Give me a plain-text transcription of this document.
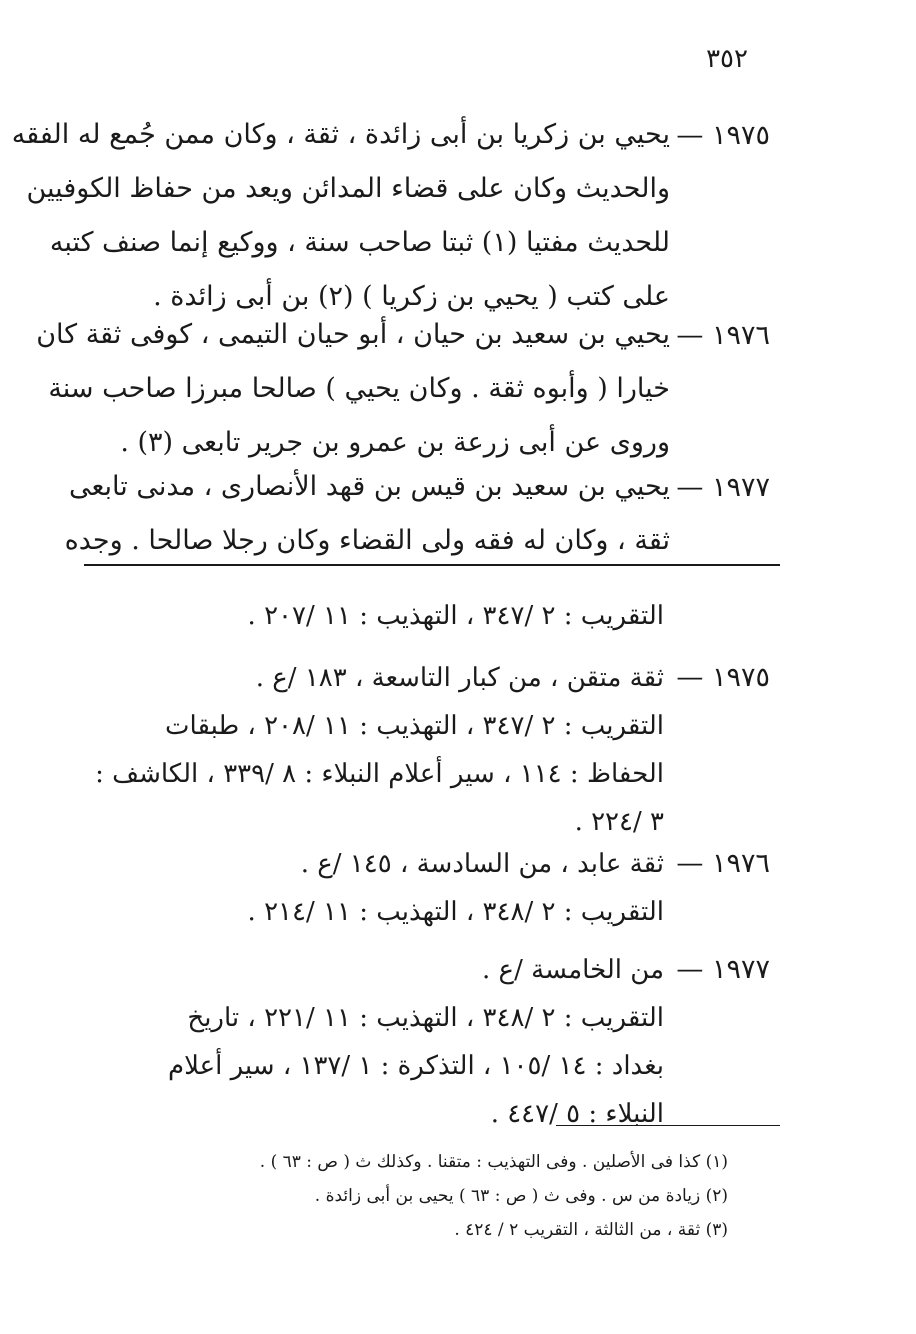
٣٥٢
١٩٧٥ —
يحيي بن زكريا بن أبى زائدة ، ثقة ، وكان ممن جُمع له الفقه
والحديث وكان على قضاء المدائن ويعد من حفاظ الكوفيين
للحديث مفتيا (١) ثبتا صاحب سنة ، ووكيع إنما صنف كتبه
على كتب ( يحيي بن زكريا ) (٢) بن أبى زائدة .
١٩٧٦ —
يحيي بن سعيد بن حيان ، أبو حيان التيمى ، كوفى ثقة كان
خيارا ( وأبوه ثقة . وكان يحيي ) صالحا مبرزا صاحب سنة
وروى عن أبى زرعة بن عمرو بن جرير تابعى (٣) .
١٩٧٧ —
يحيي بن سعيد بن قيس بن قهد الأنصارى ، مدنى تابعى
ثقة ، وكان له فقه ولى القضاء وكان رجلا صالحا . وجده
التقريب : ٢ /٣٤٧ ، التهذيب : ١١ /٢٠٧ .
١٩٧٥ —
ثقة متقن ، من كبار التاسعة ، ١٨٣ /ع .
التقريب : ٢ /٣٤٧ ، التهذيب : ١١ /٢٠٨ ، طبقات
الحفاظ : ١١٤ ، سير أعلام النبلاء : ٨ /٣٣٩ ، الكاشف :
٣ /٢٢٤ .
١٩٧٦ —
ثقة عابد ، من السادسة ، ١٤٥ /ع .
التقريب : ٢ /٣٤٨ ، التهذيب : ١١ /٢١٤ .
١٩٧٧ —
من الخامسة /ع .
التقريب : ٢ /٣٤٨ ، التهذيب : ١١ /٢٢١ ، تاريخ
بغداد : ١٤ /١٠٥ ، التذكرة : ١ /١٣٧ ، سير أعلام
النبلاء : ٥ /٤٤٧ .
(١) كذا فى الأصلين . وفى التهذيب : متقنا . وكذلك ث ( ص : ٦٣ ) .
(٢) زيادة من س . وفى ث ( ص : ٦٣ ) يحيى بن أبى زائدة .
(٣) ثقة ، من الثالثة ، التقريب ٢ / ٤٢٤ .
